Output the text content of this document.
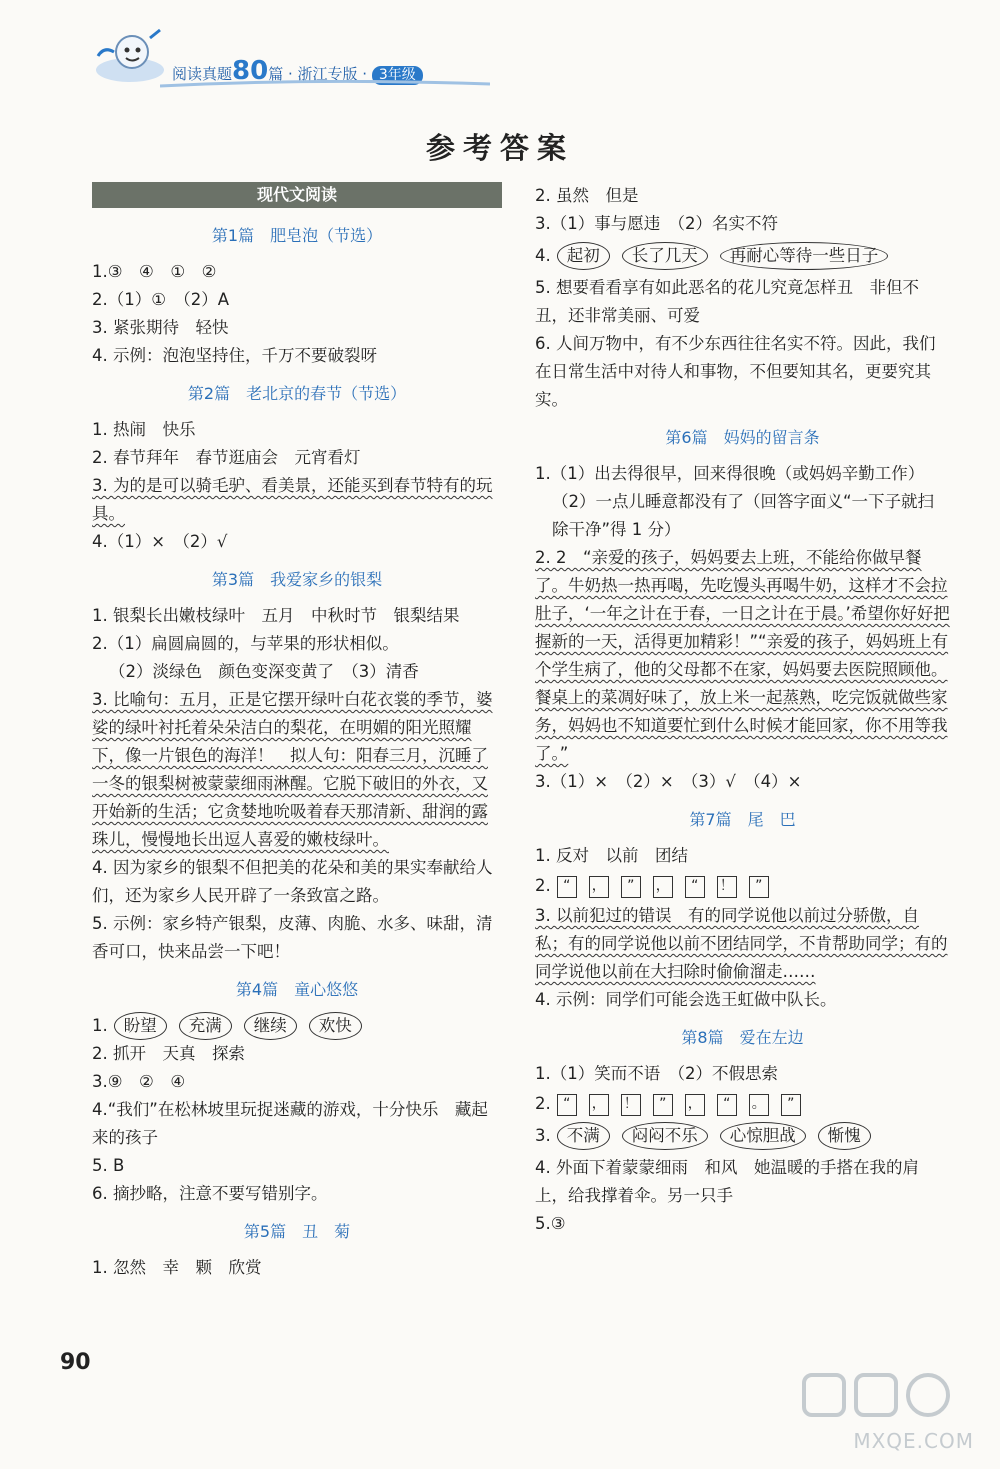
阅读真题80篇 · 浙江专版 · 3年级
参考答案
现代文阅读
第1篇　肥皂泡（节选）
1.③　④　①　②
2.（1）①　（2）A
3. 紧张期待　轻快
4. 示例：泡泡坚持住，千万不要破裂呀
第2篇　老北京的春节（节选）
1. 热闹　快乐
2. 春节拜年　春节逛庙会　元宵看灯
3. 为的是可以骑毛驴、看美景，还能买到春节特有的玩具。
4.（1）×　（2）√
第3篇　我爱家乡的银梨
1. 银梨长出嫩枝绿叶　五月　中秋时节　银梨结果
2.（1）扁圆扁圆的，与苹果的形状相似。
（2）淡绿色　颜色变深变黄了　（3）清香
3. 比喻句：五月，正是它摆开绿叶白花衣裳的季节，婆娑的绿叶衬托着朵朵洁白的梨花，在明媚的阳光照耀下，像一片银色的海洋！　拟人句：阳春三月，沉睡了一冬的银梨树被蒙蒙细雨淋醒。它脱下破旧的外衣，又开始新的生活；它贪婪地吮吸着春天那清新、甜润的露珠儿，慢慢地长出逗人喜爱的嫩枝绿叶。
4. 因为家乡的银梨不但把美的花朵和美的果实奉献给人们，还为家乡人民开辟了一条致富之路。
5. 示例：家乡特产银梨，皮薄、肉脆、水多、味甜，清香可口，快来品尝一下吧！
第4篇　童心悠悠
1. 盼望 充满 继续 欢快
2. 抓开　天真　探索
3.⑨　②　④
4.“我们”在松林坡里玩捉迷藏的游戏，十分快乐　藏起来的孩子
5. B
6. 摘抄略，注意不要写错别字。
第5篇　丑　菊
1. 忽然　幸　颗　欣赏
2. 虽然　但是
3.（1）事与愿违　（2）名实不符
4. 起初 长了几天 再耐心等待一些日子
5. 想要看看享有如此恶名的花儿究竟怎样丑　非但不丑，还非常美丽、可爱
6. 人间万物中，有不少东西往往名实不符。因此，我们在日常生活中对待人和事物，不但要知其名，更要究其实。
第6篇　妈妈的留言条
1.（1）出去得很早，回来得很晚（或妈妈辛勤工作）
（2）一点儿睡意都没有了（回答字面义“一下子就扫除干净”得 1 分）
2. 2　“亲爱的孩子，妈妈要去上班，不能给你做早餐了。牛奶热一热再喝，先吃馒头再喝牛奶，这样才不会拉肚子，‘一年之计在于春，一日之计在于晨。’希望你好好把握新的一天，活得更加精彩！”“亲爱的孩子，妈妈班上有个学生病了，他的父母都不在家，妈妈要去医院照顾他。餐桌上的菜凋好味了，放上米一起蒸熟，吃完饭就做些家务，妈妈也不知道要忙到什么时候才能回家，你不用等我了。”
3.（1）×　（2）×　（3）√　（4）×
第7篇　尾　巴
1. 反对　以前　团结
2. “ ， ” ， “ ！ ”
3. 以前犯过的错误　有的同学说他以前过分骄傲，自私；有的同学说他以前不团结同学，不肯帮助同学；有的同学说他以前在大扫除时偷偷溜走……
4. 示例：同学们可能会选王虹做中队长。
第8篇　爱在左边
1.（1）笑而不语　（2）不假思索
2. “ ， ！ ” ， “ 。 ”
3. 不满 闷闷不乐 心惊胆战 惭愧
4. 外面下着蒙蒙细雨　和风　她温暖的手搭在我的肩上，给我撑着伞。另一只手
5.③
90
MXQE.COM
